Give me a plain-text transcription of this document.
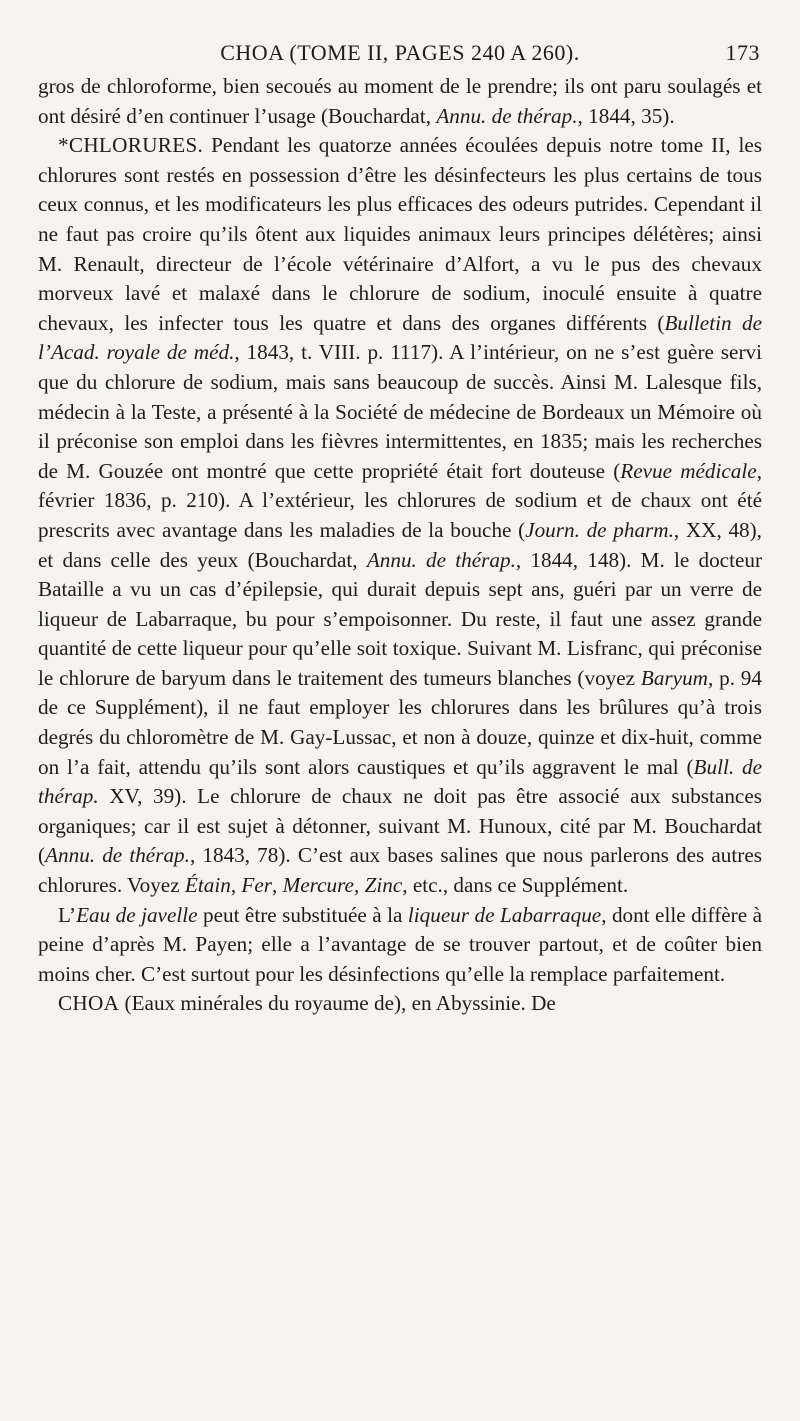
CHOA (TOME II, PAGES 240 A 260).	173

gros de chloroforme, bien secoués au moment de le prendre; ils ont paru soulagés et ont désiré d’en continuer l’usage (Bouchardat, Annu. de thérap., 1844, 35).

*CHLORURES. Pendant les quatorze années écoulées depuis notre tome II, les chlorures sont restés en possession d’être les désinfecteurs les plus certains de tous ceux connus, et les modificateurs les plus efficaces des odeurs putrides. Cependant il ne faut pas croire qu’ils ôtent aux liquides animaux leurs principes délétères; ainsi M. Renault, directeur de l’école vétérinaire d’Alfort, a vu le pus des chevaux morveux lavé et malaxé dans le chlorure de sodium, inoculé ensuite à quatre chevaux, les infecter tous les quatre et dans des organes différents (Bulletin de l’Acad. royale de méd., 1843, t. VIII. p. 1117). A l’intérieur, on ne s’est guère servi que du chlorure de sodium, mais sans beaucoup de succès. Ainsi M. Lalesque fils, médecin à la Teste, a présenté à la Société de médecine de Bordeaux un Mémoire où il préconise son emploi dans les fièvres intermittentes, en 1835; mais les recherches de M. Gouzée ont montré que cette propriété était fort douteuse (Revue médicale, février 1836, p. 210). A l’extérieur, les chlorures de sodium et de chaux ont été prescrits avec avantage dans les maladies de la bouche (Journ. de pharm., XX, 48), et dans celle des yeux (Bouchardat, Annu. de thérap., 1844, 148). M. le docteur Bataille a vu un cas d’épilepsie, qui durait depuis sept ans, guéri par un verre de liqueur de Labarraque, bu pour s’empoisonner. Du reste, il faut une assez grande quantité de cette liqueur pour qu’elle soit toxique. Suivant M. Lisfranc, qui préconise le chlorure de baryum dans le traitement des tumeurs blanches (voyez Baryum, p. 94 de ce Supplément), il ne faut employer les chlorures dans les brûlures qu’à trois degrés du chloromètre de M. Gay-Lussac, et non à douze, quinze et dix-huit, comme on l’a fait, attendu qu’ils sont alors caustiques et qu’ils aggravent le mal (Bull. de thérap. XV, 39). Le chlorure de chaux ne doit pas être associé aux substances organiques; car il est sujet à détonner, suivant M. Hunoux, cité par M. Bouchardat (Annu. de thérap., 1843, 78). C’est aux bases salines que nous parlerons des autres chlorures. Voyez Étain, Fer, Mercure, Zinc, etc., dans ce Supplément.

L’Eau de javelle peut être substituée à la liqueur de Labarraque, dont elle diffère à peine d’après M. Payen; elle a l’avantage de se trouver partout, et de coûter bien moins cher. C’est surtout pour les désinfections qu’elle la remplace parfaitement.

CHOA (Eaux minérales du royaume de), en Abyssinie. De
